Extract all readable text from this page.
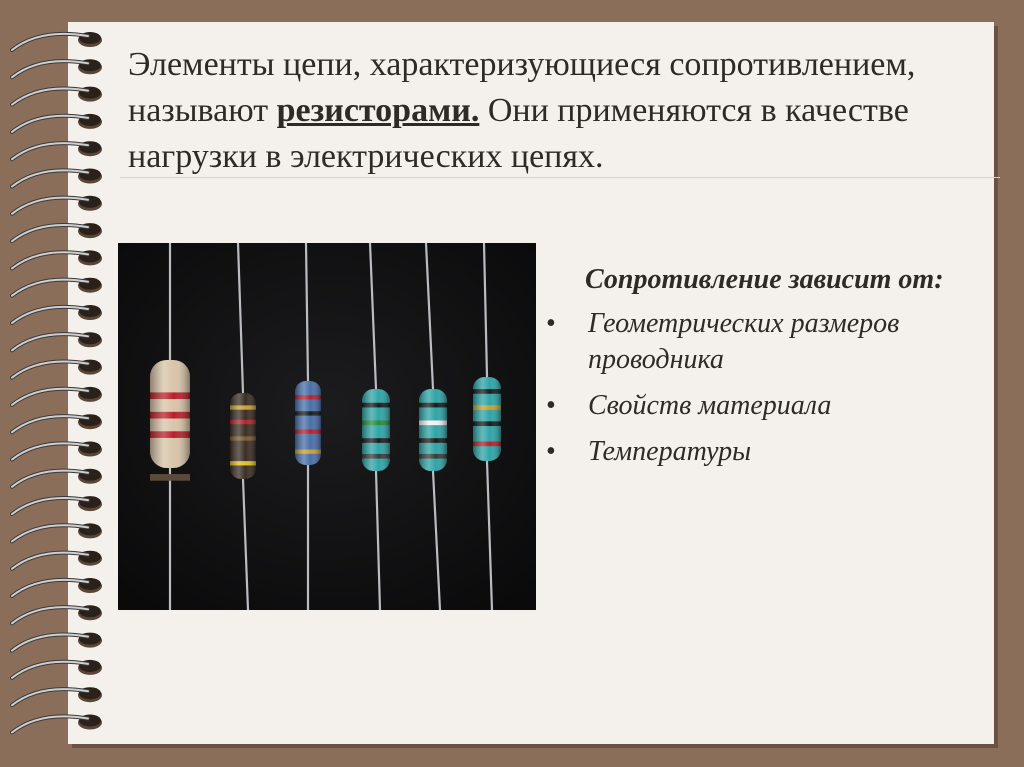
Элементы цепи, характеризующиеся сопротивлением, называют резисторами. Они применяются в качестве нагрузки в электрических цепях.

Сопротивление зависит от:

• Геометрических размеров проводника
• Свойств материала
• Температуры
